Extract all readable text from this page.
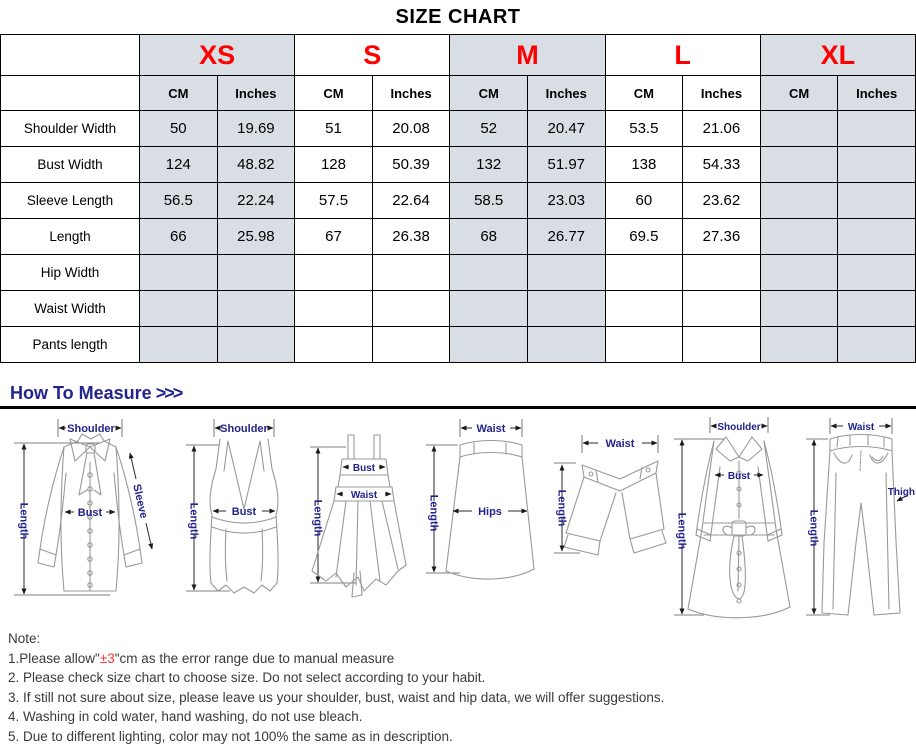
SIZE CHART
	XS		S		M		L		XL	
	CM	Inches	CM	Inches	CM	Inches	CM	Inches	CM	Inches
Shoulder Width	50	19.69	51	20.08	52	20.47	53.5	21.06		
Bust Width	124	48.82	128	50.39	132	51.97	138	54.33		
Sleeve Length	56.5	22.24	57.5	22.64	58.5	23.03	60	23.62		
Length	66	25.98	67	26.38	68	26.77	69.5	27.36		
Hip Width										
Waist Width										
Pants length										
How To Measure >>>
Shoulder
Length	Bust	Sleeve
Shoulder
Length	Bust	Length
Bust
Waist
Waist
Length	Hips
Waist
Length
Shoulder
Length
Bust
Waist
Length
Thigh
Note:
1.Please allow"±3"cm as the error range due to manual measure
2. Please check size chart to choose size. Do not select according to your habit.
3. If still not sure about size, please leave us your shoulder, bust, waist and hip data, we will offer suggestions.
4. Washing in cold water, hand washing, do not use bleach.
5. Due to different lighting, color may not 100% the same as in description.
